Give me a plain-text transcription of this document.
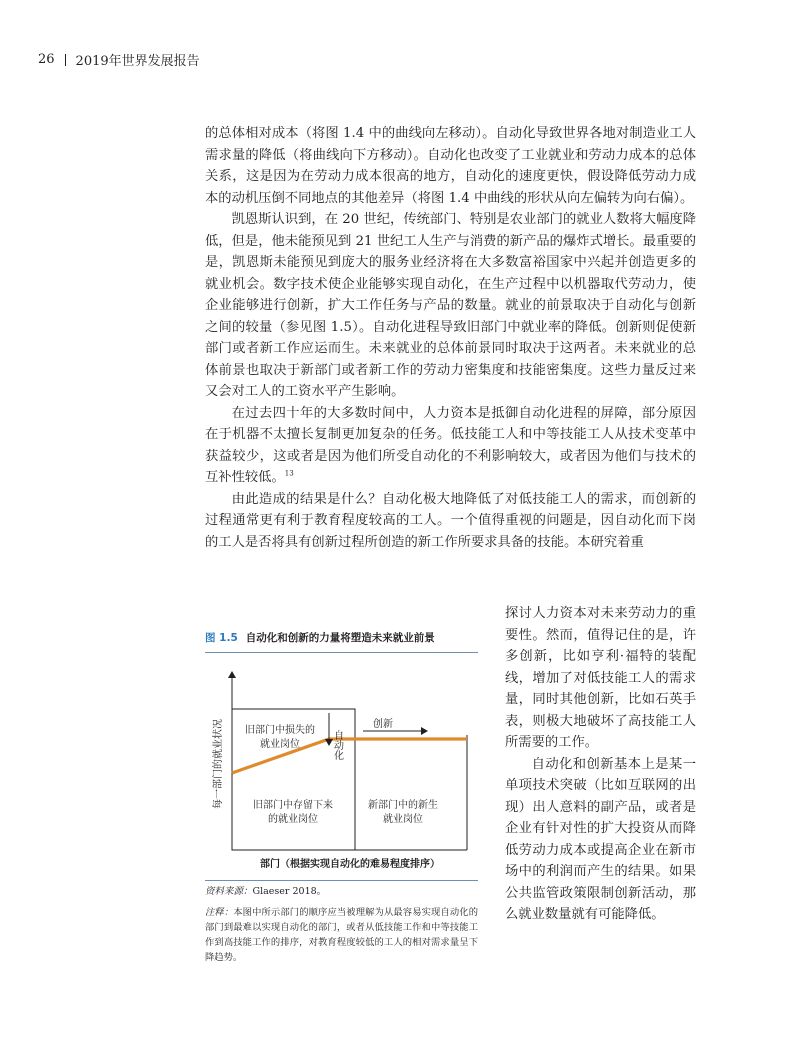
26 2019年世界发展报告

的总体相对成本（将图 1.4 中的曲线向左移动）。自动化导致世界各地对制造业工人需求量的降低（将曲线向下方移动）。自动化也改变了工业就业和劳动力成本的总体关系，这是因为在劳动力成本很高的地方，自动化的速度更快，假设降低劳动力成本的动机压倒不同地点的其他差异（将图 1.4 中曲线的形状从向左偏转为向右偏）。

凯恩斯认识到，在 20 世纪，传统部门、特别是农业部门的就业人数将大幅度降低，但是，他未能预见到 21 世纪工人生产与消费的新产品的爆炸式增长。最重要的是，凯恩斯未能预见到庞大的服务业经济将在大多数富裕国家中兴起并创造更多的就业机会。数字技术使企业能够实现自动化，在生产过程中以机器取代劳动力，使企业能够进行创新，扩大工作任务与产品的数量。就业的前景取决于自动化与创新之间的较量（参见图 1.5）。自动化进程导致旧部门中就业率的降低。创新则促使新部门或者新工作应运而生。未来就业的总体前景同时取决于这两者。未来就业的总体前景也取决于新部门或者新工作的劳动力密集度和技能密集度。这些力量反过来又会对工人的工资水平产生影响。

在过去四十年的大多数时间中，人力资本是抵御自动化进程的屏障，部分原因在于机器不太擅长复制更加复杂的任务。低技能工人和中等技能工人从技术变革中获益较少，这或者是因为他们所受自动化的不利影响较大，或者因为他们与技术的互补性较低。$^{13}$

由此造成的结果是什么？自动化极大地降低了对低技能工人的需求，而创新的过程通常更有利于教育程度较高的工人。一个值得重视的问题是，因自动化而下岗的工人是否将具有创新过程所创造的新工作所要求具备的技能。本研究着重

图 1.5 自动化和创新的力量将塑造未来就业前景
自动化
创新
旧部门中损失的
就业岗位
旧部门中存留下来
的就业岗位
新部门中的新生
就业岗位
每一部门的就业状况
部门（根据实现自动化的难易程度排序）
资料来源：Glaeser 2018。
注释：本图中所示部门的顺序应当被理解为从最容易实现自动化的部门到最难以实现自动化的部门，或者从低技能工作和中等技能工作到高技能工作的排序，对教育程度较低的工人的相对需求量呈下降趋势。

探讨人力资本对未来劳动力的重要性。然而，值得记住的是，许多创新，比如亨利·福特的装配线，增加了对低技能工人的需求量，同时其他创新，比如石英手表，则极大地破坏了高技能工人所需要的工作。

自动化和创新基本上是某一单项技术突破（比如互联网的出现）出人意料的副产品，或者是企业有针对性的扩大投资从而降低劳动力成本或提高企业在新市场中的利润而产生的结果。如果公共监管政策限制创新活动，那么就业数量就有可能降低。
